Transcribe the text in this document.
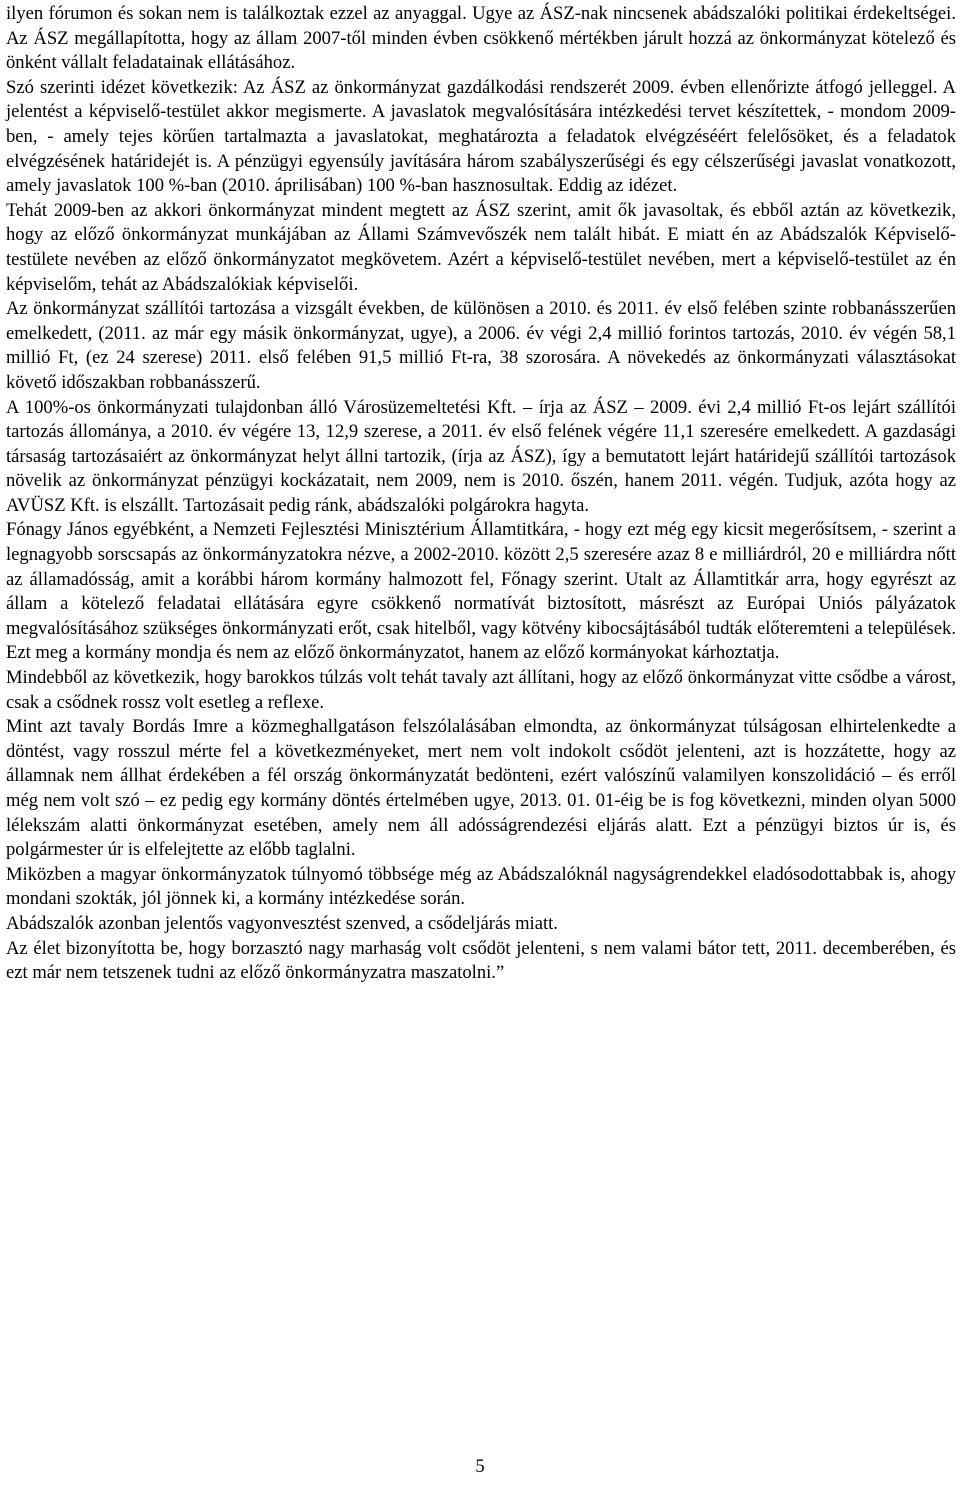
ilyen fórumon és sokan nem is találkoztak ezzel az anyaggal. Ugye az ÁSZ-nak nincsenek abádszalóki politikai érdekeltségei. Az ÁSZ megállapította, hogy az állam 2007-től minden évben csökkenő mértékben járult hozzá az önkormányzat kötelező és önként vállalt feladatainak ellátásához.

Szó szerinti idézet következik: Az ÁSZ az önkormányzat gazdálkodási rendszerét 2009. évben ellenőrizte átfogó jelleggel. A jelentést a képviselő-testület akkor megismerte. A javaslatok megvalósítására intézkedési tervet készítettek, - mondom 2009-ben, - amely tejes körűen tartalmazta a javaslatokat, meghatározta a feladatok elvégzéséért felelősöket, és a feladatok elvégzésének határidejét is. A pénzügyi egyensúly javítására három szabályszerűségi és egy célszerűségi javaslat vonatkozott, amely javaslatok 100 %-ban (2010. áprilisában) 100 %-ban hasznosultak. Eddig az idézet.

Tehát 2009-ben az akkori önkormányzat mindent megtett az ÁSZ szerint, amit ők javasoltak, és ebből aztán az következik, hogy az előző önkormányzat munkájában az Állami Számvevőszék nem talált hibát. E miatt én az Abádszalók Képviselő-testülete nevében az előző önkormányzatot megkövetem. Azért a képviselő-testület nevében, mert a képviselő-testület az én képviselőm, tehát az Abádszalókiak képviselői.

Az önkormányzat szállítói tartozása a vizsgált években, de különösen a 2010. és 2011. év első felében szinte robbanásszerűen emelkedett, (2011. az már egy másik önkormányzat, ugye), a 2006. év végi 2,4 millió forintos tartozás, 2010. év végén 58,1 millió Ft, (ez 24 szerese) 2011. első felében 91,5 millió Ft-ra, 38 szorosára. A növekedés az önkormányzati választásokat követő időszakban robbanásszerű.

A 100%-os önkormányzati tulajdonban álló Városüzemeltetési Kft. – írja az ÁSZ – 2009. évi 2,4 millió Ft-os lejárt szállítói tartozás állománya, a 2010. év végére 13, 12,9 szerese, a 2011. év első felének végére 11,1 szeresére emelkedett. A gazdasági társaság tartozásaiért az önkormányzat helyt állni tartozik, (írja az ÁSZ), így a bemutatott lejárt határidejű szállítói tartozások növelik az önkormányzat pénzügyi kockázatait, nem 2009, nem is 2010. őszén, hanem 2011. végén. Tudjuk, azóta hogy az AVÜSZ Kft. is elszállt. Tartozásait pedig ránk, abádszalóki polgárokra hagyta.

Fónagy János egyébként, a Nemzeti Fejlesztési Minisztérium Államtitkára, - hogy ezt még egy kicsit megerősítsem, - szerint a legnagyobb sorscsapás az önkormányzatokra nézve, a 2002-2010. között 2,5 szeresére azaz 8 e milliárdról, 20 e milliárdra nőtt az államadósság, amit a korábbi három kormány halmozott fel, Főnagy szerint. Utalt az Államtitkár arra, hogy egyrészt az állam a kötelező feladatai ellátására egyre csökkenő normatívát biztosított, másrészt az Európai Uniós pályázatok megvalósításához szükséges önkormányzati erőt, csak hitelből, vagy kötvény kibocsájtásából tudták előteremteni a települések. Ezt meg a kormány mondja és nem az előző önkormányzatot, hanem az előző kormányokat kárhoztatja.

Mindebből az következik, hogy barokkos túlzás volt tehát tavaly azt állítani, hogy az előző önkormányzat vitte csődbe a várost, csak a csődnek rossz volt esetleg a reflexe.

Mint azt tavaly Bordás Imre a közmeghallgatáson felszólalásában elmondta, az önkormányzat túlságosan elhirtelenkedte a döntést, vagy rosszul mérte fel a következményeket, mert nem volt indokolt csődöt jelenteni, azt is hozzátette, hogy az államnak nem állhat érdekében a fél ország önkormányzatát bedönteni, ezért valószínű valamilyen konszolidáció – és erről még nem volt szó – ez pedig egy kormány döntés értelmében ugye, 2013. 01. 01-éig be is fog következni, minden olyan 5000 lélekszám alatti önkormányzat esetében, amely nem áll adósságrendezési eljárás alatt. Ezt a pénzügyi biztos úr is, és polgármester úr is elfelejtette az előbb taglalni.

Miközben a magyar önkormányzatok túlnyomó többsége még az Abádszalóknál nagyságrendekkel eladósodottabbak is, ahogy mondani szokták, jól jönnek ki, a kormány intézkedése során.

Abádszalók azonban jelentős vagyonvesztést szenved, a csődeljárás miatt.

Az élet bizonyította be, hogy borzasztó nagy marhaság volt csődöt jelenteni, s nem valami bátor tett, 2011. decemberében, és ezt már nem tetszenek tudni az előző önkormányzatra maszatolni.”

5
